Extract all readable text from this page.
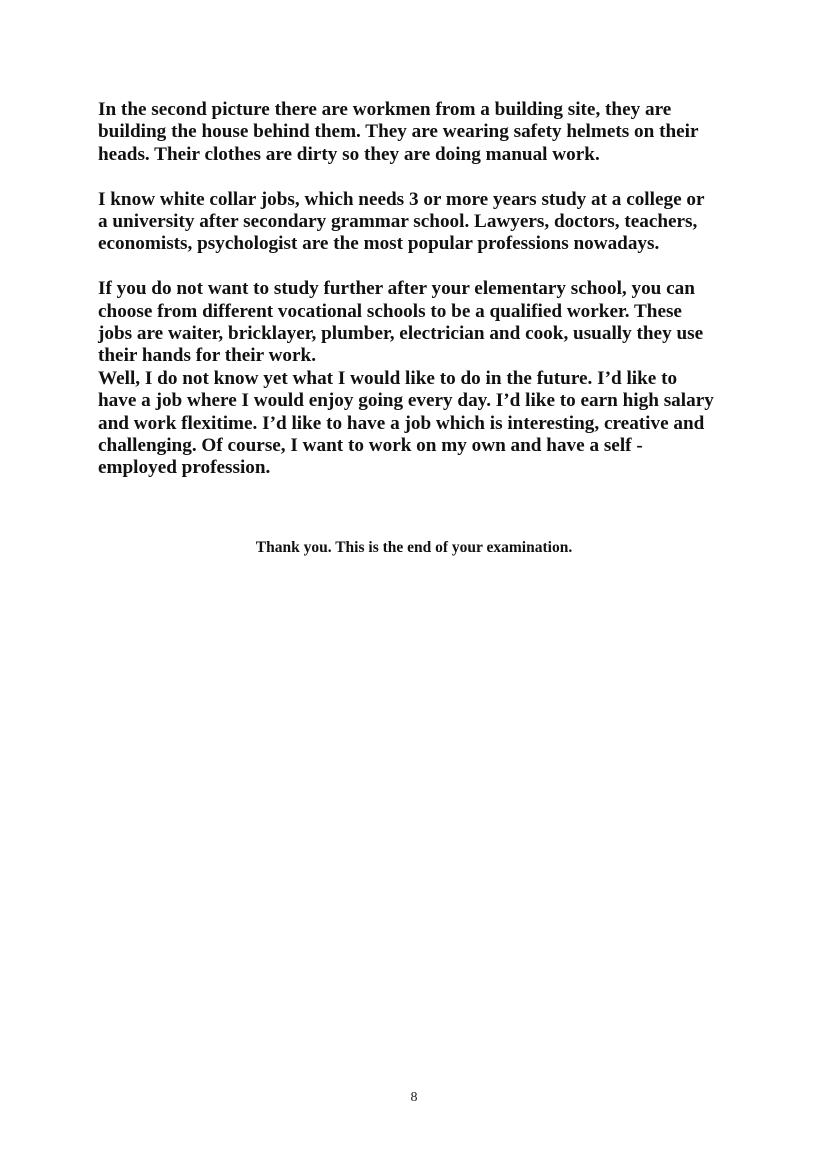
In the second picture there are workmen from a building site, they are

building the house behind them. They are wearing safety helmets on their

heads. Their clothes are dirty so they are doing manual work.

I know white collar jobs, which needs 3 or more years study at a college or

a university after secondary grammar school. Lawyers, doctors, teachers,

economists, psychologist are the most popular professions nowadays.

If you do not want to study further after your elementary school, you can

choose from different vocational schools to be a qualified worker. These

jobs are waiter, bricklayer, plumber, electrician and cook, usually they use

their hands for their work.

Well, I do not know yet what I would like to do in the future. I’d like to

have a job where I would enjoy going every day. I’d like to earn high salary

and work flexitime. I’d like to have a job which is interesting, creative and

challenging. Of course, I want to work on my own and have a self -

employed profession.

Thank you. This is the end of your examination.
8
